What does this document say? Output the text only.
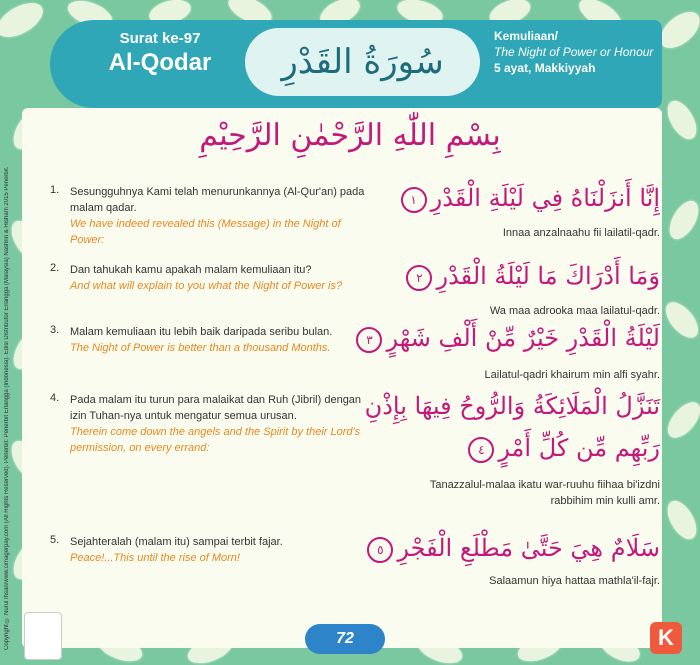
Surat ke-97
Al-Qodar	سُورَةُ القَدْرِ
Kemuliaan/
The Night of Power or Honour
5 ayat, Makkiyyah
بِسْمِ اللّٰهِ الرَّحْمٰنِ الرَّحِيْمِ
1. Sesungguhnya Kami telah menurunkannya (Al-Qur'an) pada malam qadar.
We have indeed revealed this (Message) in the Night of Power:
إِنَّا أَنزَلْنَاهُ فِي لَيْلَةِ الْقَدْرِ١
Innaa anzalnaahu fii lailatil-qadr.
2. Dan tahukah kamu apakah malam kemuliaan itu?
And what will explain to you what the Night of Power is?	وَمَا أَدْرَاكَ مَا لَيْلَةُ الْقَدْرِ٢
Wa maa adrooka maa lailatul-qadr.
3. Malam kemuliaan itu lebih baik daripada seribu bulan.
The Night of Power is better than a thousand Months.	لَيْلَةُ الْقَدْرِ خَيْرٌ مِّنْ أَلْفِ شَهْرٍ٣
Lailatul-qadri khairum min alfi syahr.
4. Pada malam itu turun para malaikat dan Ruh (Jibril) dengan izin Tuhan-nya untuk mengatur semua urusan.
Therein come down the angels and the Spirit by their Lord's permission, on every errand:
تَنَزَّلُ الْمَلَائِكَةُ وَالرُّوحُ فِيهَا بِإِذْنِ
رَبِّهِم مِّن كُلِّ أَمْرٍ٤
Tanazzalul-malaa ikatu war-ruuhu fiihaa bi'izdni
rabbihim min kulli amr.
5. Sejahteralah (malam itu) sampai terbit fajar.
Peace!...This until the rise of Morn!	سَلَامٌ هِيَ حَتَّىٰ مَطْلَعِ الْفَجْرِ٥
Salaamun hiya hattaa mathla'il-fajr.
Copyright © Nurul Ihsan/www.cimagerpay.com (All Rights Reserved). Penerbit: Penerbit Erlangga (Indonesia). Edisi Distributor Erlangga (Malaysia) Nashrin & Hisham 2015 Penerbit.	72	K
